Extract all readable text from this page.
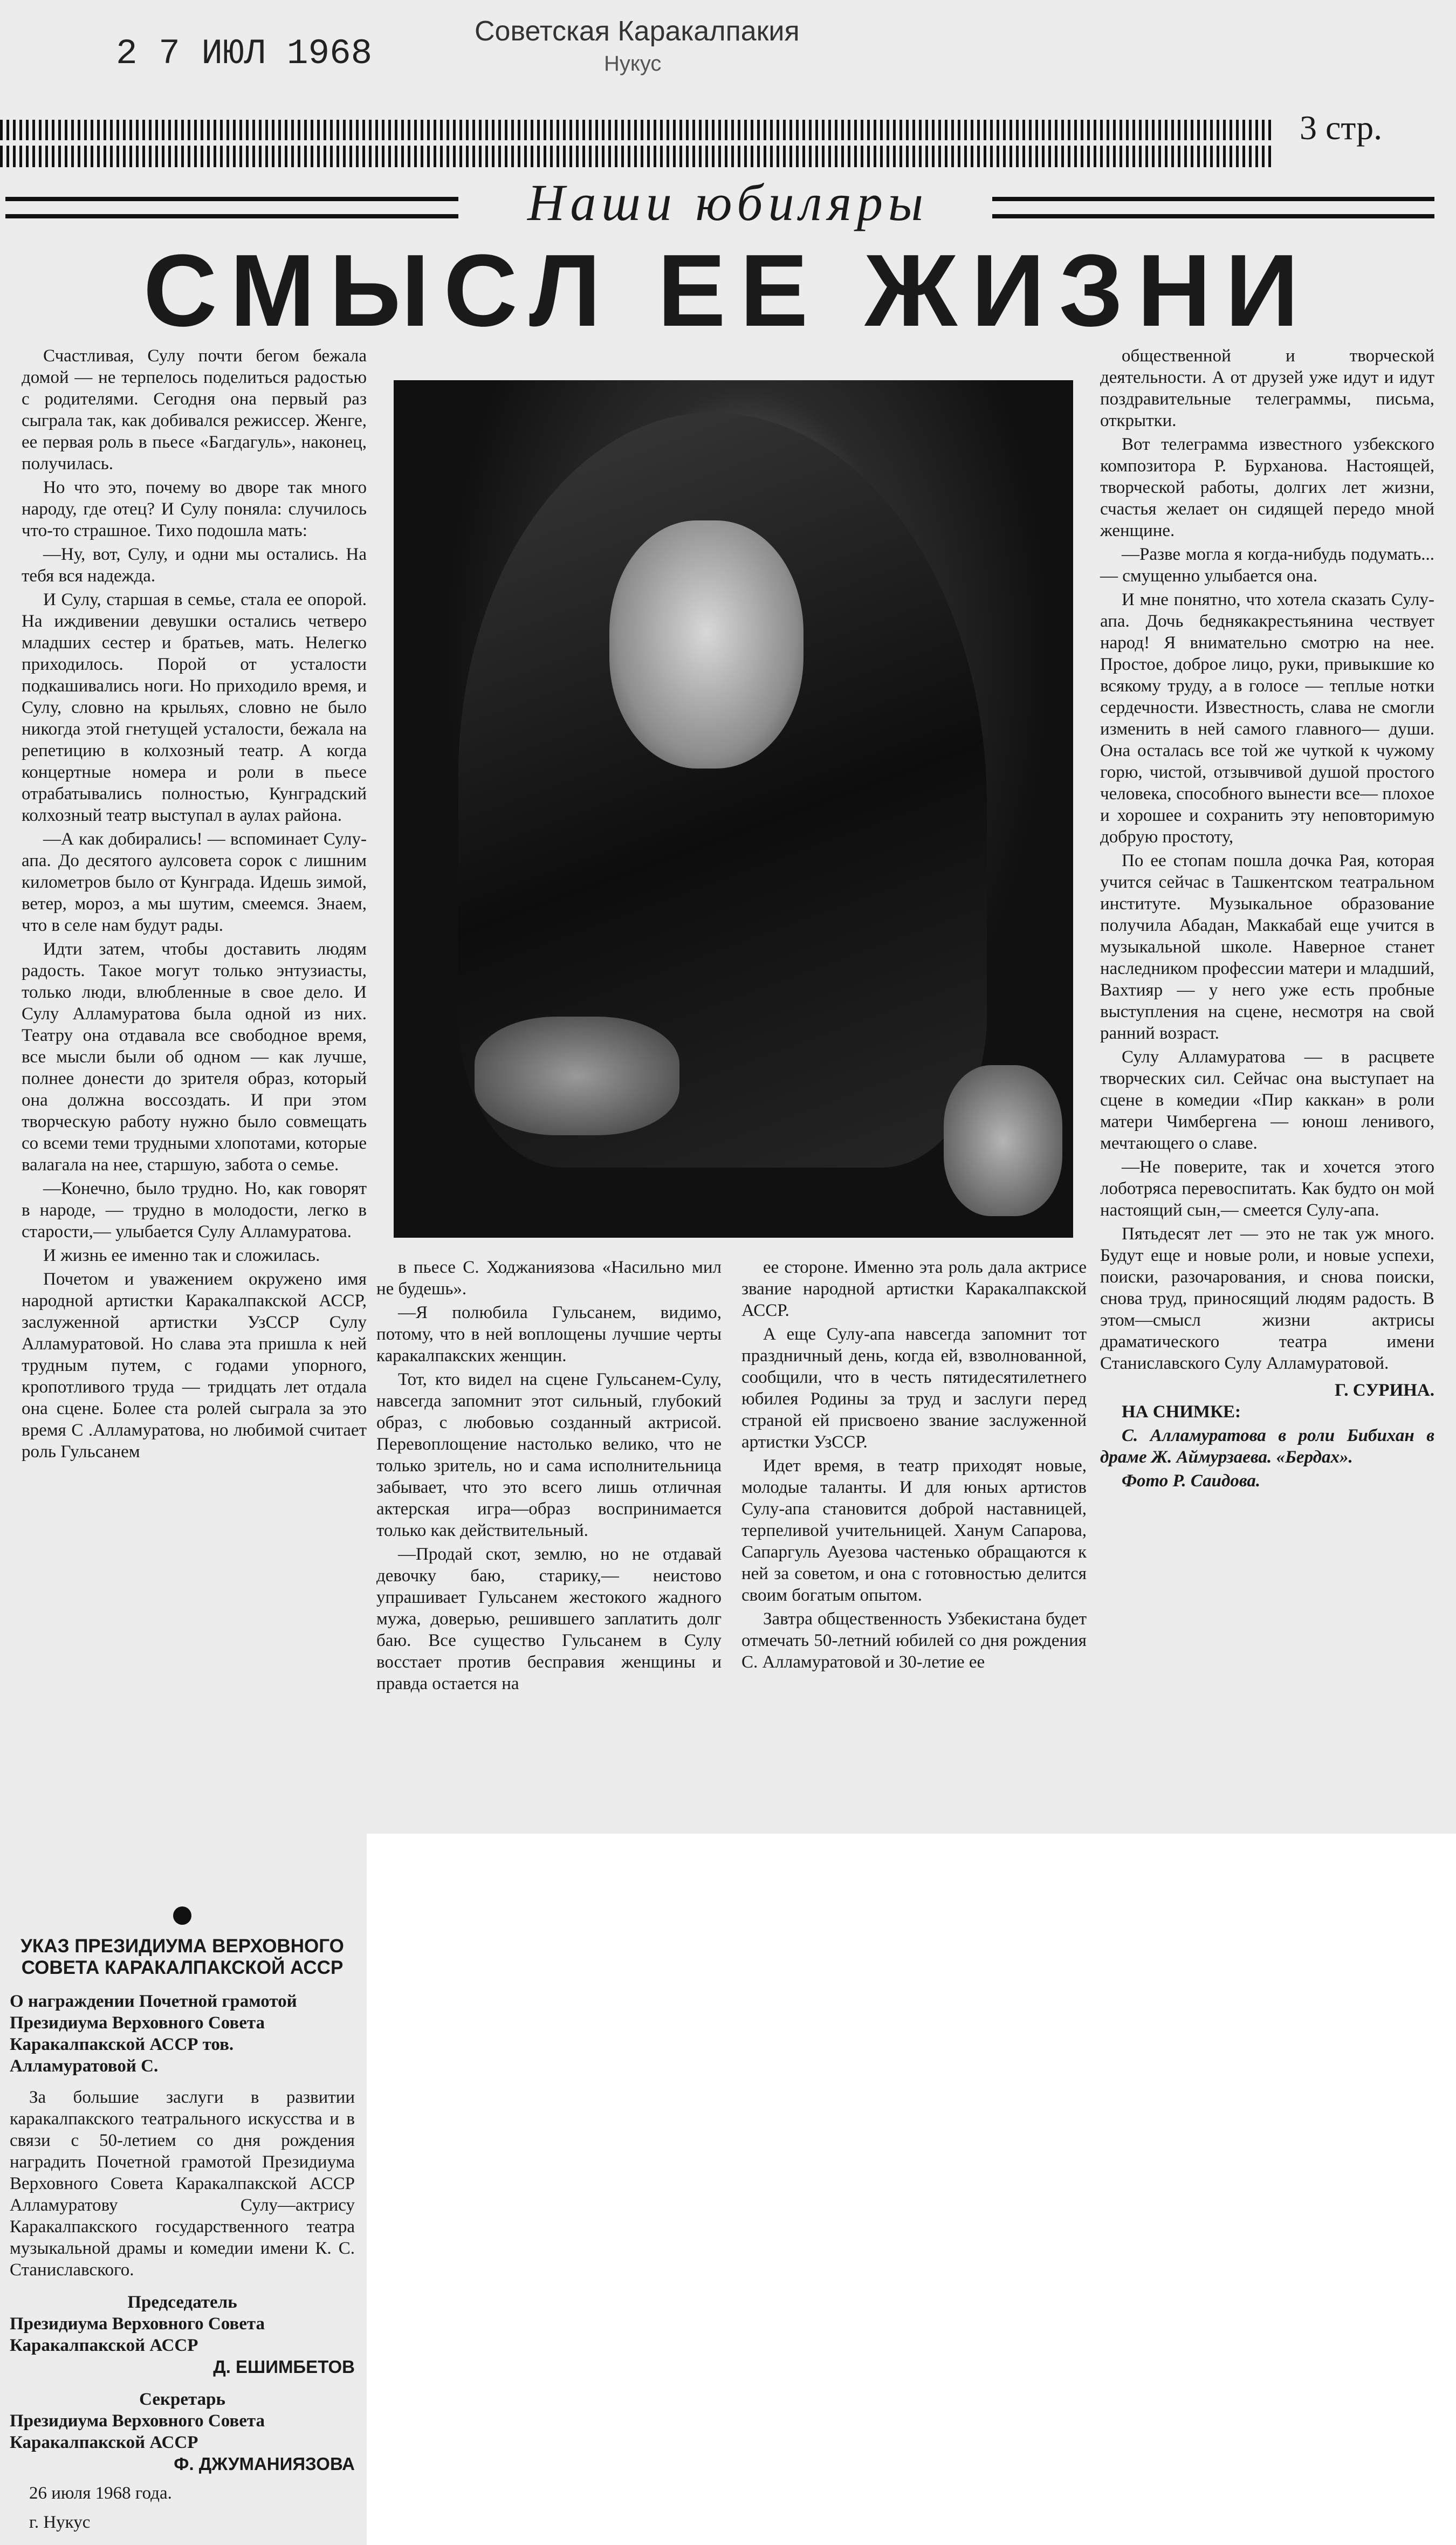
2 7 ИЮЛ 1968
Советская Каракалпакия
Нукус
3 стр.
Наши юбиляры
СМЫСЛ ЕЕ ЖИЗНИ

Счастливая, Сулу почти бегом бежала домой — не терпелось поделиться радостью с родителями. Сегодня она первый раз сыграла так, как добивался режиссер. Женге, ее первая роль в пьесе «Багдагуль», наконец, получилась.

Но что это, почему во дворе так много народу, где отец? И Сулу поняла: случилось что-то страшное. Тихо подошла мать:

—Ну, вот, Сулу, и одни мы остались. На тебя вся надежда.

И Сулу, старшая в семье, стала ее опорой. На иждивении девушки остались четверо младших сестер и братьев, мать. Нелегко приходилось. Порой от усталости подкашивались ноги. Но приходило время, и Сулу, словно на крыльях, словно не было никогда этой гнетущей усталости, бежала на репетицию в колхозный театр. А когда концертные номера и роли в пьесе отрабатывались полностью, Кунградский колхозный театр выступал в аулах района.

—А как добирались! — вспоминает Сулу-апа. До десятого аулсовета сорок с лишним километров было от Кунграда. Идешь зимой, ветер, мороз, а мы шутим, смеемся. Знаем, что в селе нам будут рады.

Идти затем, чтобы доставить людям радость. Такое могут только энтузиасты, только люди, влюбленные в свое дело. И Сулу Алламуратова была одной из них. Театру она отдавала все свободное время, все мысли были об одном — как лучше, полнее донести до зрителя образ, который она должна воссоздать. И при этом творческую работу нужно было совмещать со всеми теми трудными хлопотами, которые валагала на нее, старшую, забота о семье.

—Конечно, было трудно. Но, как говорят в народе, — трудно в молодости, легко в старости,— улыбается Сулу Алламуратова.

И жизнь ее именно так и сложилась.

Почетом и уважением окружено имя народной артистки Каракалпакской АССР, заслуженной артистки УзССР Сулу Алламуратовой. Но слава эта пришла к ней трудным путем, с годами упорного, кропотливого труда — тридцать лет отдала она сцене. Более ста ролей сыграла за это время С .Алламуратова, но любимой считает роль Гульсанем

в пьесе С. Ходжаниязова «Насильно мил не будешь».

—Я полюбила Гульсанем, видимо, потому, что в ней воплощены лучшие черты каракалпакских женщин.

Тот, кто видел на сцене Гульсанем-Сулу, навсегда запомнит этот сильный, глубокий образ, с любовью созданный актрисой. Перевоплощение настолько велико, что не только зритель, но и сама исполнительница забывает, что это всего лишь отличная актерская игра—образ воспринимается только как действительный.

—Продай скот, землю, но не отдавай девочку баю, старику,— неистово упрашивает Гульсанем жестокого жадного мужа, доверью, решившего заплатить долг баю. Все существо Гульсанем в Сулу восстает против бесправия женщины и правда остается на

ее стороне. Именно эта роль дала актрисе звание народной артистки Каракалпакской АССР.

А еще Сулу-апа навсегда запомнит тот праздничный день, когда ей, взволнованной, сообщили, что в честь пятидесятилетнего юбилея Родины за труд и заслуги перед страной ей присвоено звание заслуженной артистки УзССР.

Идет время, в театр приходят новые, молодые таланты. И для юных артистов Сулу-апа становится доброй наставницей, терпеливой учительницей. Ханум Сапарова, Сапаргуль Ауезова частенько обращаются к ней за советом, и она с готовностью делится своим богатым опытом.

Завтра общественность Узбекистана будет отмечать 50-летний юбилей со дня рождения С. Алламуратовой и 30-летие ее

общественной и творческой деятельности. А от друзей уже идут и идут поздравительные телеграммы, письма, открытки.

Вот телеграмма известного узбекского композитора Р. Бурханова. Настоящей, творческой работы, долгих лет жизни, счастья желает он сидящей передо мной женщине.

—Разве могла я когда-нибудь подумать...— смущенно улыбается она.

И мне понятно, что хотела сказать Сулу-апа. Дочь беднякакрестьянина чествует народ! Я внимательно смотрю на нее. Простое, доброе лицо, руки, привыкшие ко всякому труду, а в голосе — теплые нотки сердечности. Известность, слава не смогли изменить в ней самого главного— души. Она осталась все той же чуткой к чужому горю, чистой, отзывчивой душой простого человека, способного вынести все— плохое и хорошее и сохранить эту неповторимую добрую простоту,

По ее стопам пошла дочка Рая, которая учится сейчас в Ташкентском театральном институте. Музыкальное образование получила Абадан, Маккабай еще учится в музыкальной школе. Наверное станет наследником профессии матери и младший, Вахтияр — у него уже есть пробные выступления на сцене, несмотря на свой ранний возраст.

Сулу Алламуратова — в расцвете творческих сил. Сейчас она выступает на сцене в комедии «Пир каккан» в роли матери Чимбергена — юнош ленивого, мечтающего о славе.

—Не поверите, так и хочется этого лоботряса перевоспитать. Как будто он мой настоящий сын,— смеется Сулу-апа.

Пятьдесят лет — это не так уж много. Будут еще и новые роли, и новые успехи, поиски, разочарования, и снова поиски, снова труд, приносящий людям радость. В этом—смысл жизни актрисы драматического театра имени Станиславского Сулу Алламуратовой.

Г. СУРИНА.

НА СНИМКЕ:

С. Алламуратова в роли Бибихан в драме Ж. Аймурзаева. «Бердах».

Фото Р. Саидова.

УКАЗ ПРЕЗИДИУМА ВЕРХОВНОГО СОВЕТА КАРАКАЛПАКСКОЙ АССР
О награждении Почетной грамотой Президиума Верховного Совета Каракалпакской АССР тов. Алламуратовой С.

За большие заслуги в развитии каракалпакского театрального искусства и в связи с 50-летием со дня рождения наградить Почетной грамотой Президиума Верховного Совета Каракалпакской АССР Алламуратову Сулу—актрису Каракалпакского государственного театра музыкальной драмы и комедии имени К. С. Станиславского.

Председатель
Президиума Верховного Совета Каракалпакской АССР
Д. ЕШИМБЕТОВ
Секретарь
Президиума Верховного Совета Каракалпакской АССР
Ф. ДЖУМАНИЯЗОВА
26 июля 1968 года.
г. Нукус
